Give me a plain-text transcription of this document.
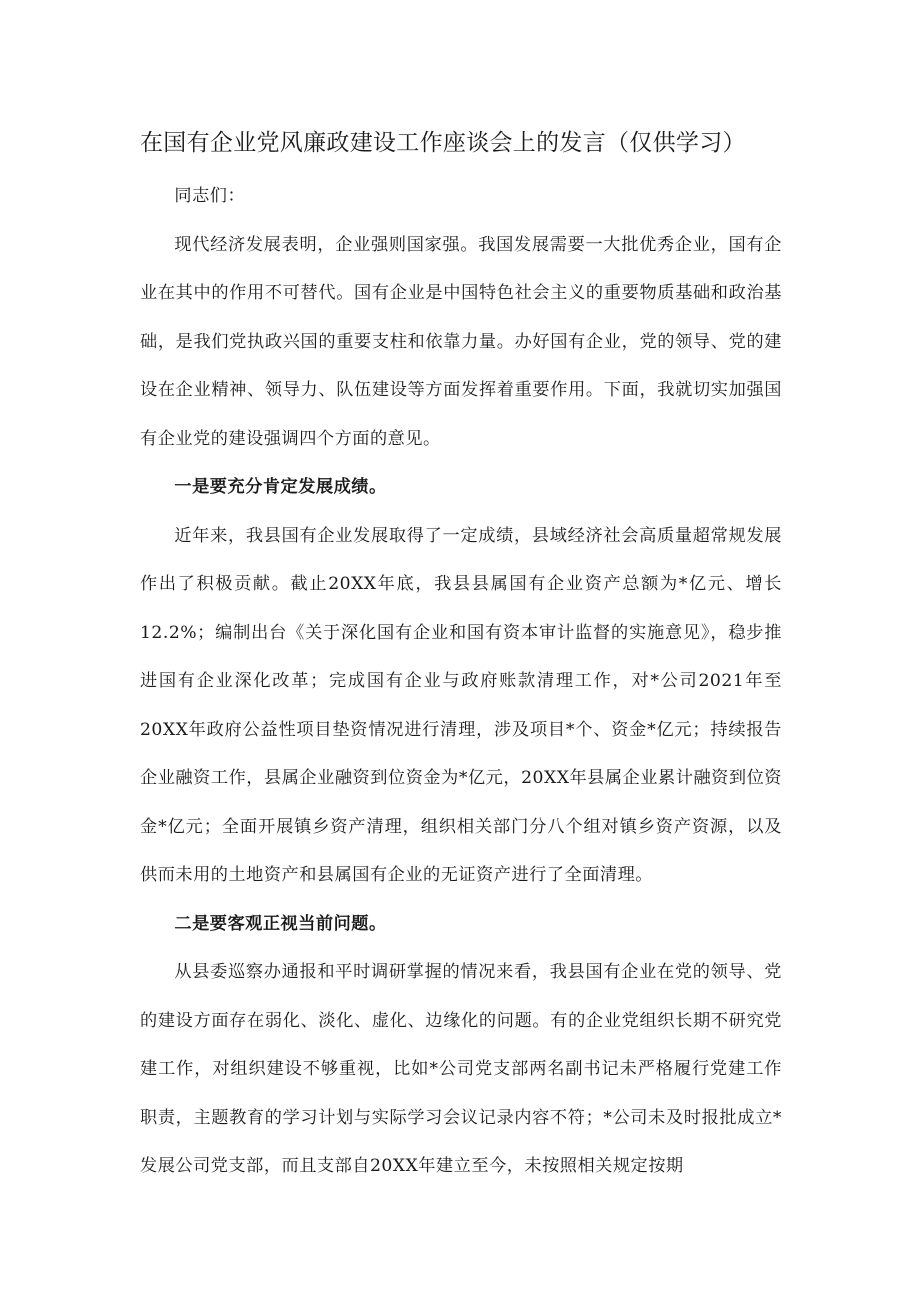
在国有企业党风廉政建设工作座谈会上的发言（仅供学习）

同志们：

现代经济发展表明，企业强则国家强。我国发展需要一大批优秀企业，国有企业在其中的作用不可替代。国有企业是中国特色社会主义的重要物质基础和政治基础，是我们党执政兴国的重要支柱和依靠力量。办好国有企业，党的领导、党的建设在企业精神、领导力、队伍建设等方面发挥着重要作用。下面，我就切实加强国有企业党的建设强调四个方面的意见。

一是要充分肯定发展成绩。

近年来，我县国有企业发展取得了一定成绩，县域经济社会高质量超常规发展作出了积极贡献。截止20XX年底，我县县属国有企业资产总额为*亿元、增长12.2%；编制出台《关于深化国有企业和国有资本审计监督的实施意见》，稳步推进国有企业深化改革；完成国有企业与政府账款清理工作，对*公司2021年至20XX年政府公益性项目垫资情况进行清理，涉及项目*个、资金*亿元；持续报告企业融资工作，县属企业融资到位资金为*亿元，20XX年县属企业累计融资到位资金*亿元；全面开展镇乡资产清理，组织相关部门分八个组对镇乡资产资源，以及供而未用的土地资产和县属国有企业的无证资产进行了全面清理。

二是要客观正视当前问题。

从县委巡察办通报和平时调研掌握的情况来看，我县国有企业在党的领导、党的建设方面存在弱化、淡化、虚化、边缘化的问题。有的企业党组织长期不研究党建工作，对组织建设不够重视，比如*公司党支部两名副书记未严格履行党建工作职责，主题教育的学习计划与实际学习会议记录内容不符；*公司未及时报批成立*发展公司党支部，而且支部自20XX年建立至今，未按照相关规定按期
